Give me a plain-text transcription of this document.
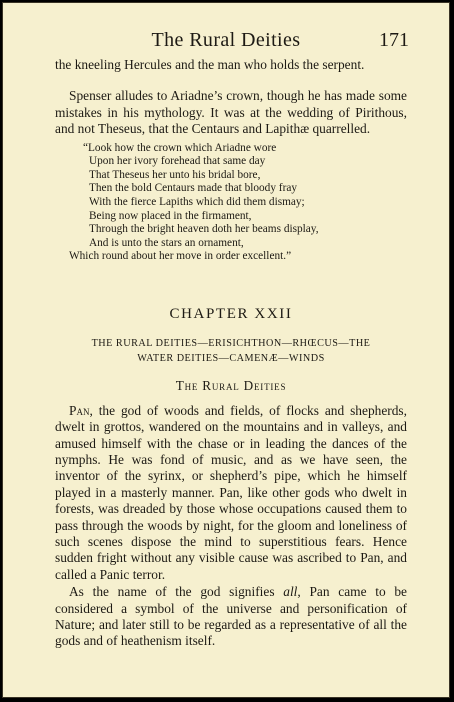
The Rural Deities	171

the kneeling Hercules and the man who holds the serpent.

Spenser alludes to Ariadne’s crown, though he has made some mistakes in his mythology. It was at the wedding of Pirithous, and not Theseus, that the Centaurs and Lapithæ quarrelled.

“Look how the crown which Ariadne wore
Upon her ivory forehead that same day
That Theseus her unto his bridal bore,
Then the bold Centaurs made that bloody fray
With the fierce Lapiths which did them dismay;
Being now placed in the firmament,
Through the bright heaven doth her beams display,
And is unto the stars an ornament,
Which round about her move in order excellent.”
CHAPTER XXII
THE RURAL DEITIES—ERISICHTHON—RHŒCUS—THE
WATER DEITIES—CAMENÆ—WINDS
The Rural Deities

Pan, the god of woods and fields, of flocks and shepherds, dwelt in grottos, wandered on the mountains and in valleys, and amused himself with the chase or in leading the dances of the nymphs. He was fond of music, and as we have seen, the inventor of the syrinx, or shepherd’s pipe, which he himself played in a masterly manner. Pan, like other gods who dwelt in forests, was dreaded by those whose occupations caused them to pass through the woods by night, for the gloom and loneliness of such scenes dispose the mind to superstitious fears. Hence sudden fright without any visible cause was ascribed to Pan, and called a Panic terror.

As the name of the god signifies all, Pan came to be considered a symbol of the universe and personification of Nature; and later still to be regarded as a representative of all the gods and of heathenism itself.
